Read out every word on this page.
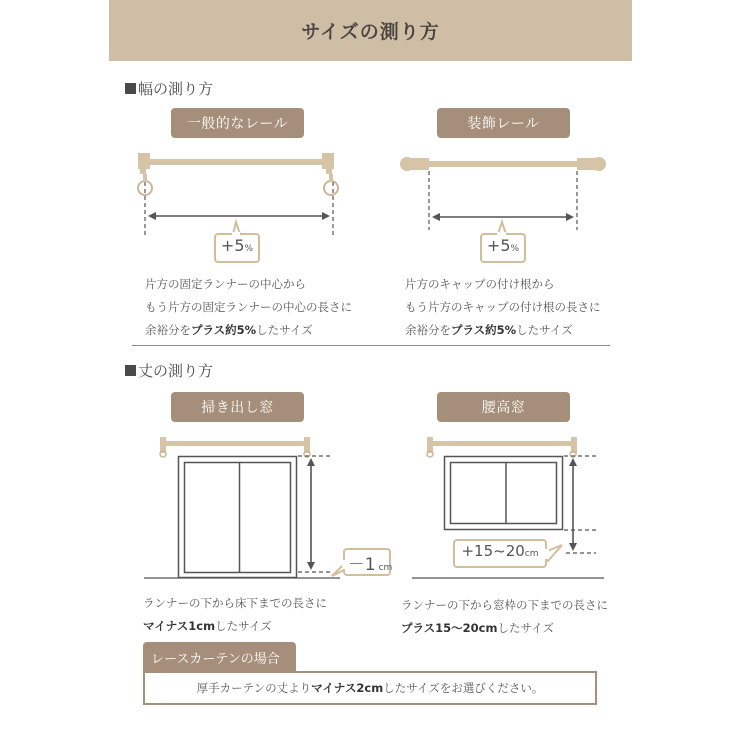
サイズの測り方
幅の測り方
一般的なレール	装飾レール
+5 %	+5 %
－1 cm
+15~20 cm
片方の固定ランナーの中心から
もう片方の固定ランナーの中心の長さに
余裕分をプラス約5%したサイズ
片方のキャップの付け根から
もう片方のキャップの付け根の長さに
余裕分をプラス約5%したサイズ
丈の測り方
掃き出し窓	腰高窓
ランナーの下から床下までの長さに
マイナス1cmしたサイズ
ランナーの下から窓枠の下までの長さに
プラス15～20cmしたサイズ
レースカーテンの場合
厚手カーテンの丈より マイナス2cm したサイズをお選びください。
